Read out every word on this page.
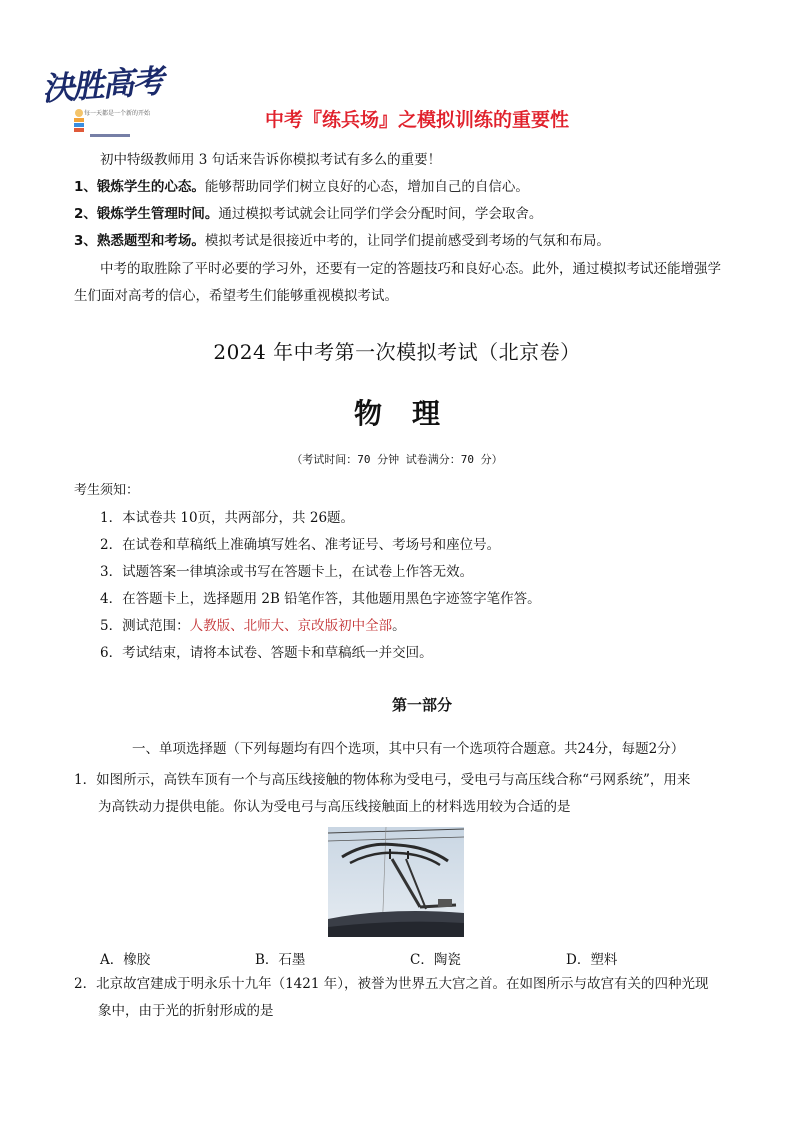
決胜高考
每一天都是一个新的开始	中考『练兵场』之模拟训练的重要性
初中特级教师用 3 句话来告诉你模拟考试有多么的重要！
1、锻炼学生的心态。能够帮助同学们树立良好的心态，增加自己的自信心。
2、锻炼学生管理时间。通过模拟考试就会让同学们学会分配时间，学会取舍。
3、熟悉题型和考场。模拟考试是很接近中考的，让同学们提前感受到考场的气氛和布局。
中考的取胜除了平时必要的学习外，还要有一定的答题技巧和良好心态。此外，通过模拟考试还能增强学生们面对高考的信心，希望考生们能够重视模拟考试。
2024 年中考第一次模拟考试（北京卷）
物理
（考试时间：70 分钟 试卷满分：70 分）
考生须知：
1．本试卷共 10页，共两部分，共 26题。
2．在试卷和草稿纸上准确填写姓名、准考证号、考场号和座位号。
3．试题答案一律填涂或书写在答题卡上，在试卷上作答无效。
4．在答题卡上，选择题用 2B 铅笔作答，其他题用黑色字迹签字笔作答。
5．测试范围：人教版、北师大、京改版初中全部。
6．考试结束，请将本试卷、答题卡和草稿纸一并交回。
第一部分
一、单项选择题（下列每题均有四个选项，其中只有一个选项符合题意。共24分，每题2分）
1．如图所示，高铁车顶有一个与高压线接触的物体称为受电弓，受电弓与高压线合称“弓网系统”，用来
为高铁动力提供电能。你认为受电弓与高压线接触面上的材料选用较为合适的是
A．橡胶	B．石墨	C．陶瓷	D．塑料
2．北京故宫建成于明永乐十九年（1421 年），被誉为世界五大宫之首。在如图所示与故宫有关的四种光现
象中，由于光的折射形成的是
